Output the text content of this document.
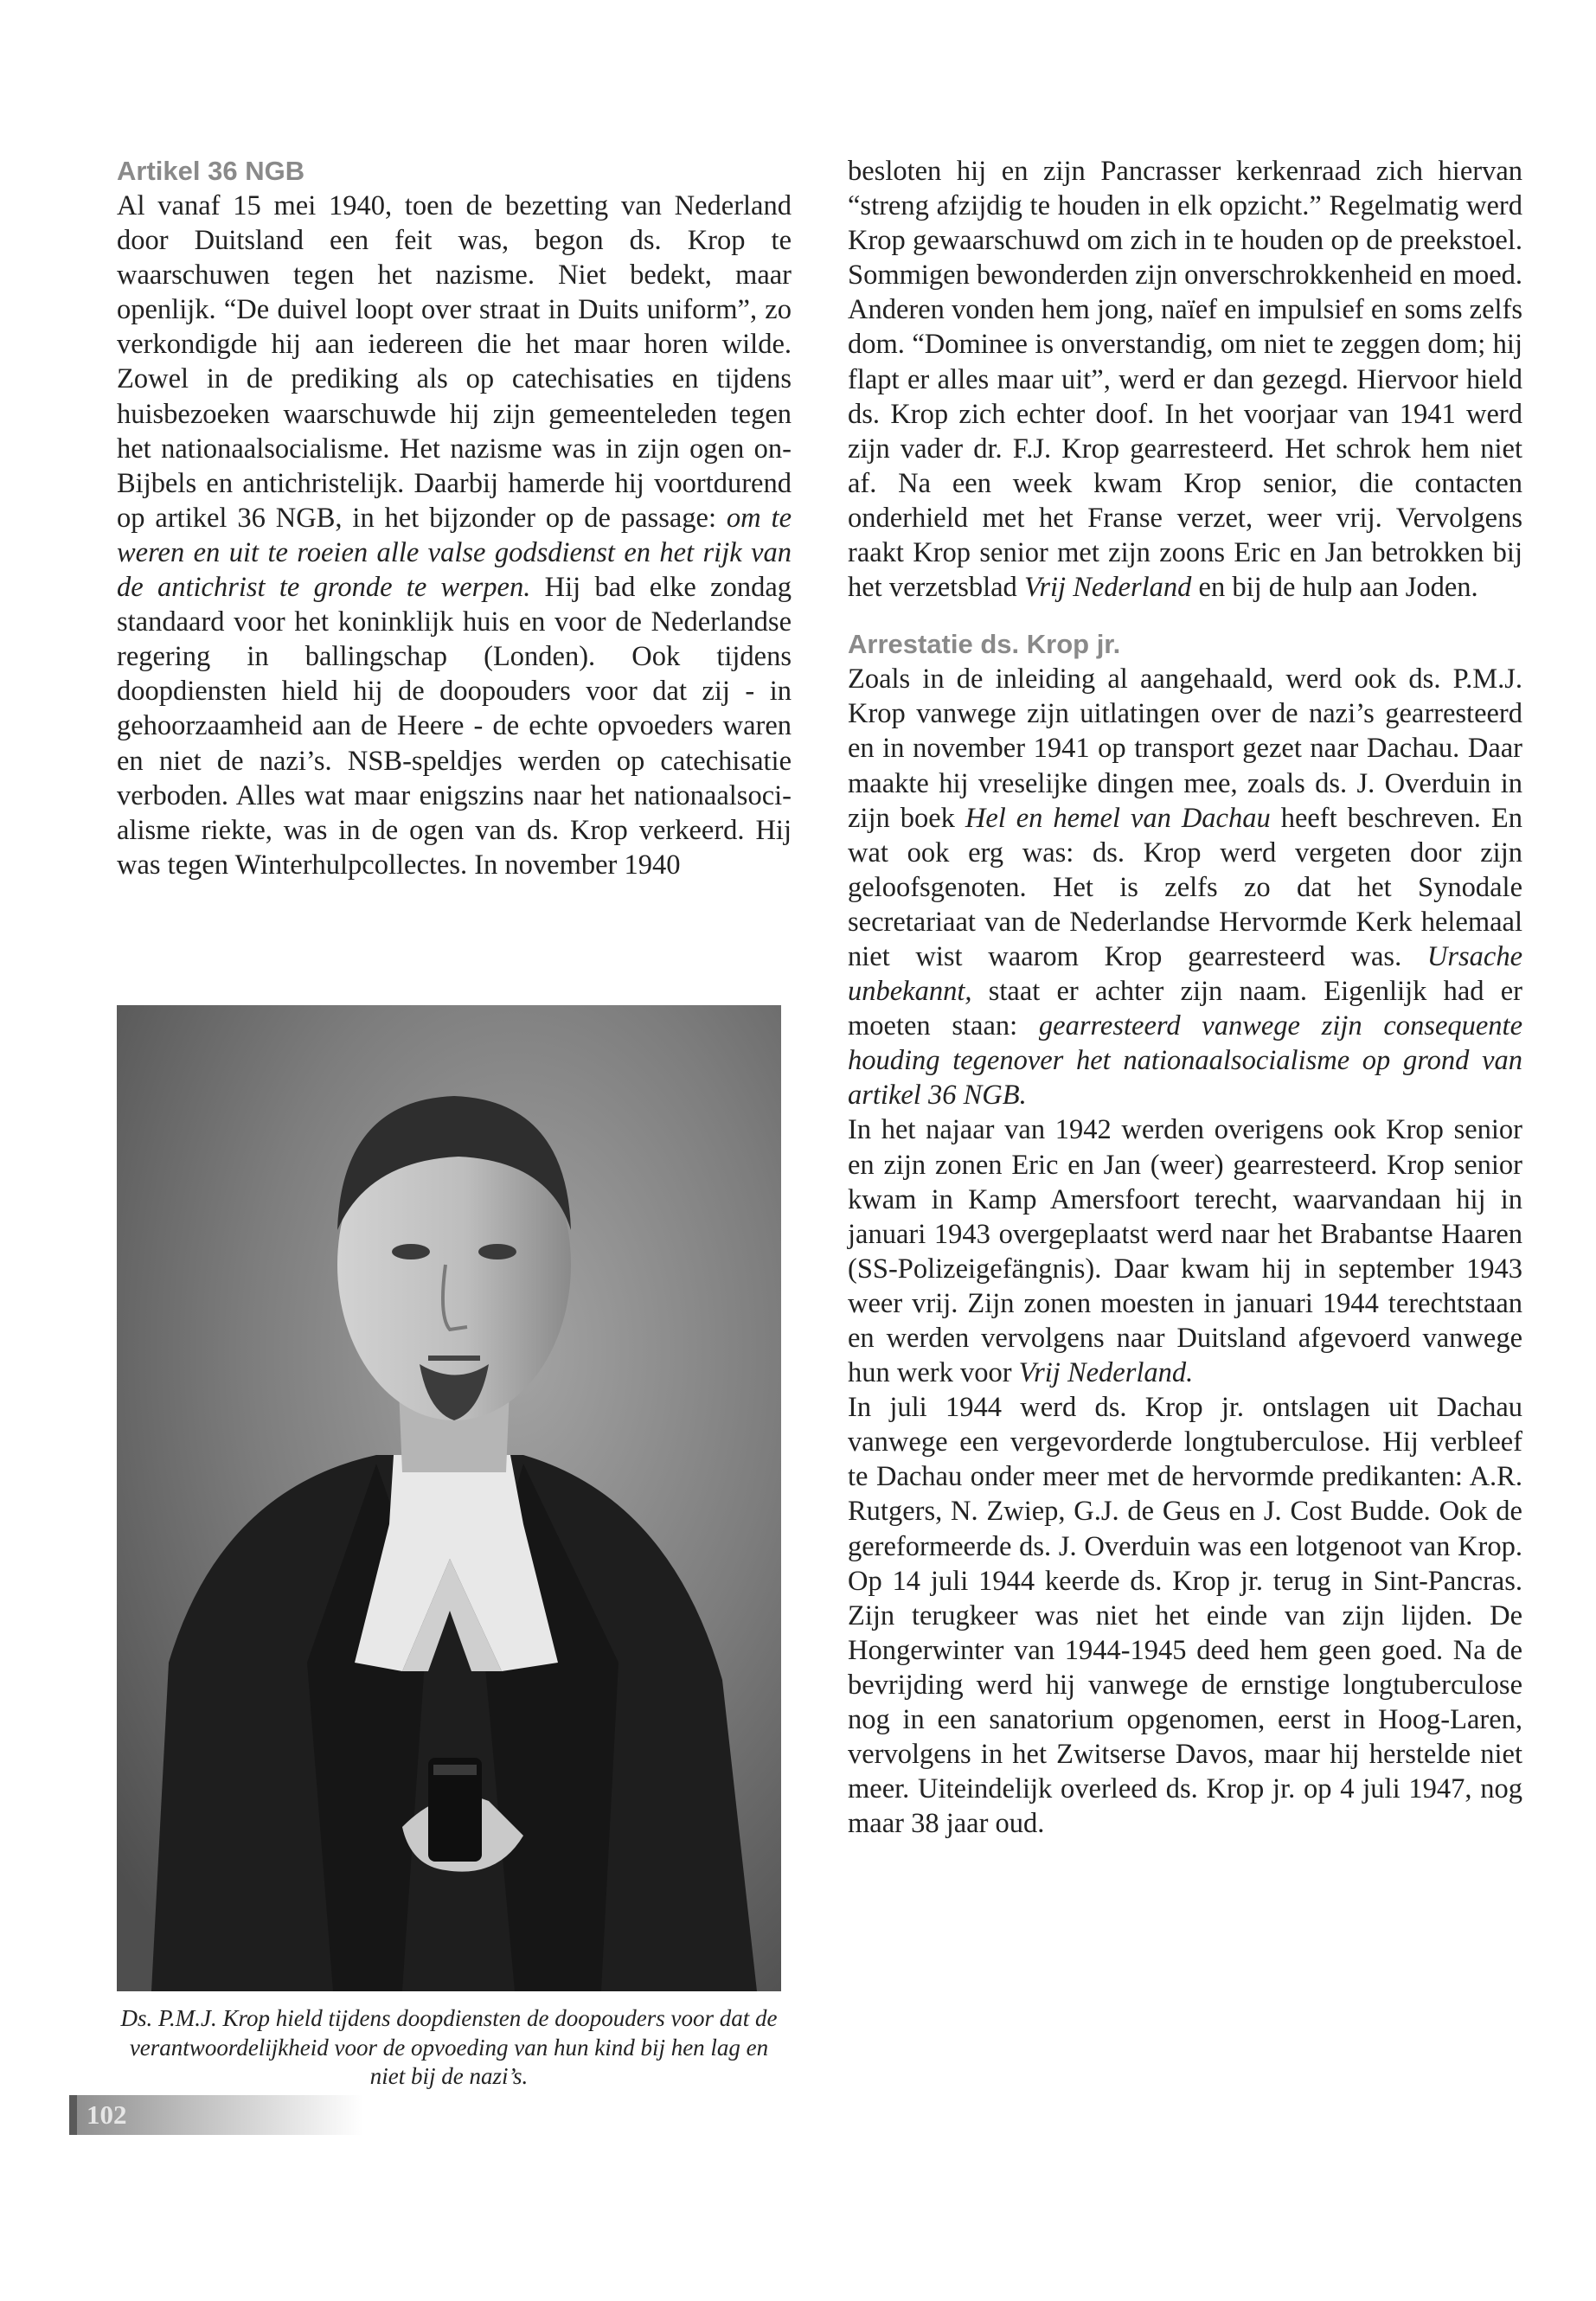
Artikel 36 NGB

Al vanaf 15 mei 1940, toen de bezetting van Nederland door Duitsland een feit was, begon ds. Krop te waarschuwen tegen het nazisme. Niet bedekt, maar openlijk. “De duivel loopt over straat in Duits uniform”, zo verkondigde hij aan iedereen die het maar horen wilde. Zowel in de prediking als op catechisaties en tijdens huisbezoeken waarschuwde hij zijn gemeenteleden tegen het nationaalsocialisme. Het nazisme was in zijn ogen on-Bijbels en antichristelijk. Daarbij hamerde hij voortdurend op artikel 36 NGB, in het bijzonder op de passage: om te weren en uit te roeien alle valse godsdienst en het rijk van de antichrist te gronde te werpen. Hij bad elke zondag standaard voor het koninklijk huis en voor de Nederlandse regering in ballingschap (Londen). Ook tijdens doopdiensten hield hij de doopouders voor dat zij - in gehoorzaamheid aan de Heere - de echte opvoeders waren en niet de nazi’s. NSB-speldjes werden op catechisatie verboden. Alles wat maar enigszins naar het nationaalsocialisme riekte, was in de ogen van ds. Krop verkeerd. Hij was tegen Winterhulpcollectes. In november 1940

Ds. P.M.J. Krop hield tijdens doopdiensten de doopouders voor dat de verantwoordelijkheid voor de opvoeding van hun kind bij hen lag en niet bij de nazi’s.

besloten hij en zijn Pancrasser kerkenraad zich hiervan “streng afzijdig te houden in elk opzicht.” Regelmatig werd Krop gewaarschuwd om zich in te houden op de preekstoel. Sommigen bewonderden zijn onverschrokkenheid en moed. Anderen vonden hem jong, naïef en impulsief en soms zelfs dom. “Dominee is onverstandig, om niet te zeggen dom; hij flapt er alles maar uit”, werd er dan gezegd. Hiervoor hield ds. Krop zich echter doof. In het voorjaar van 1941 werd zijn vader dr. F.J. Krop gearresteerd. Het schrok hem niet af. Na een week kwam Krop senior, die contacten onderhield met het Franse verzet, weer vrij. Vervolgens raakt Krop senior met zijn zoons Eric en Jan betrokken bij het verzetsblad Vrij Nederland en bij de hulp aan Joden.

Arrestatie ds. Krop jr.

Zoals in de inleiding al aangehaald, werd ook ds. P.M.J. Krop vanwege zijn uitlatingen over de nazi’s gearresteerd en in november 1941 op transport gezet naar Dachau. Daar maakte hij vreselijke dingen mee, zoals ds. J. Overduin in zijn boek Hel en hemel van Dachau heeft beschreven. En wat ook erg was: ds. Krop werd vergeten door zijn geloofsgenoten. Het is zelfs zo dat het Synodale secretariaat van de Nederlandse Hervormde Kerk helemaal niet wist waarom Krop gearresteerd was. Ursache unbekannt, staat er achter zijn naam. Eigenlijk had er moeten staan: gearresteerd vanwege zijn consequente houding tegenover het nationaalsocialisme op grond van artikel 36 NGB.

In het najaar van 1942 werden overigens ook Krop senior en zijn zonen Eric en Jan (weer) gearresteerd. Krop senior kwam in Kamp Amersfoort terecht, waarvandaan hij in januari 1943 overgeplaatst werd naar het Brabantse Haaren (SS-Polizeigefängnis). Daar kwam hij in september 1943 weer vrij. Zijn zonen moesten in januari 1944 terechtstaan en werden vervolgens naar Duitsland afgevoerd vanwege hun werk voor Vrij Nederland.

In juli 1944 werd ds. Krop jr. ontslagen uit Dachau vanwege een vergevorderde longtuberculose. Hij verbleef te Dachau onder meer met de hervormde predikanten: A.R. Rutgers, N. Zwiep, G.J. de Geus en J. Cost Budde. Ook de gereformeerde ds. J. Overduin was een lotgenoot van Krop. Op 14 juli 1944 keerde ds. Krop jr. terug in Sint-Pancras. Zijn terugkeer was niet het einde van zijn lijden. De Hongerwinter van 1944-1945 deed hem geen goed. Na de bevrijding werd hij vanwege de ernstige longtuberculose nog in een sanatorium opgenomen, eerst in Hoog-Laren, vervolgens in het Zwitserse Davos, maar hij herstelde niet meer. Uiteindelijk overleed ds. Krop jr. op 4 juli 1947, nog maar 38 jaar oud.

102
